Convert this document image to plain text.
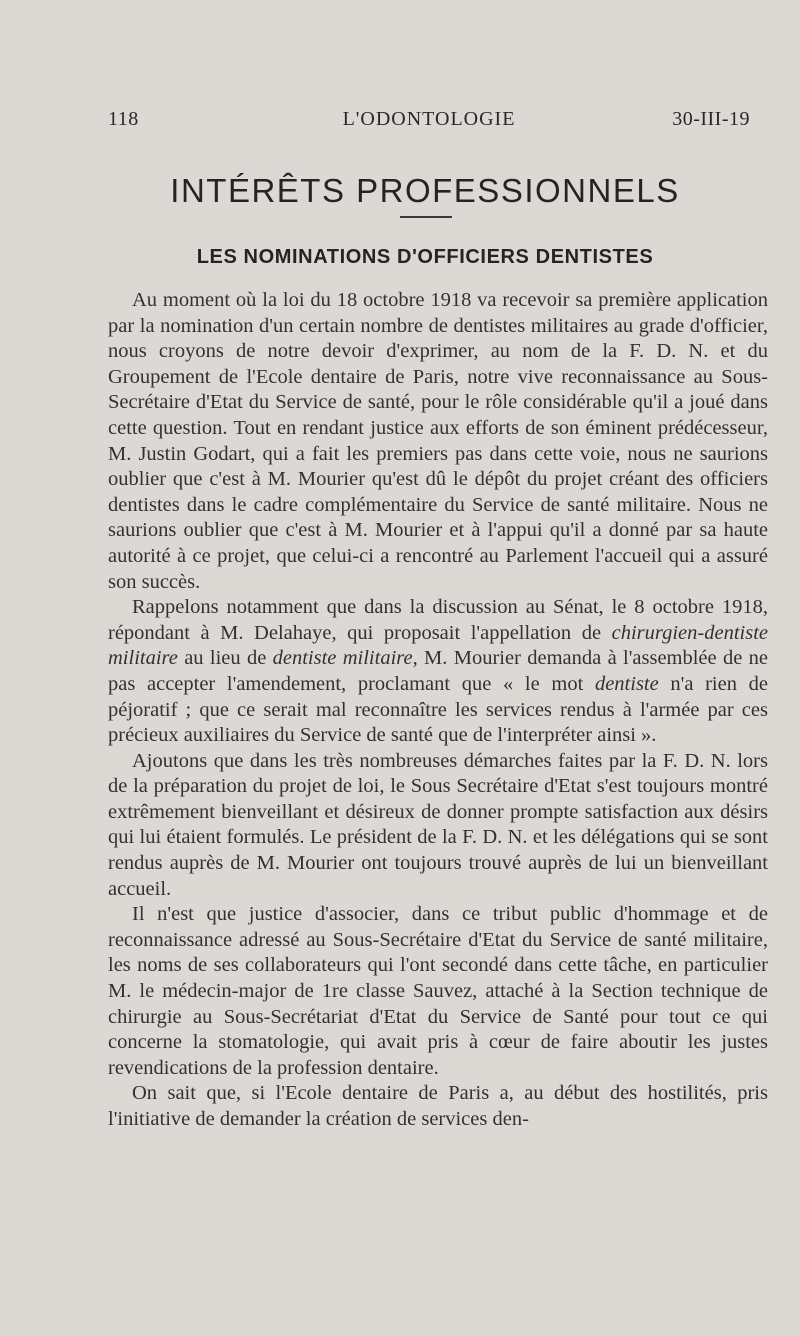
118	L'ODONTOLOGIE	30-III-19
INTÉRÊTS PROFESSIONNELS
LES NOMINATIONS D'OFFICIERS DENTISTES

Au moment où la loi du 18 octobre 1918 va recevoir sa première application par la nomination d'un certain nombre de dentistes militaires au grade d'officier, nous croyons de notre devoir d'exprimer, au nom de la F. D. N. et du Groupement de l'Ecole dentaire de Paris, notre vive reconnaissance au Sous-Secrétaire d'Etat du Service de santé, pour le rôle considérable qu'il a joué dans cette question. Tout en rendant justice aux efforts de son éminent prédécesseur, M. Justin Godart, qui a fait les premiers pas dans cette voie, nous ne saurions oublier que c'est à M. Mourier qu'est dû le dépôt du projet créant des officiers dentistes dans le cadre complémentaire du Service de santé militaire. Nous ne saurions oublier que c'est à M. Mourier et à l'appui qu'il a donné par sa haute autorité à ce projet, que celui-ci a rencontré au Parlement l'accueil qui a assuré son succès.

Rappelons notamment que dans la discussion au Sénat, le 8 octobre 1918, répondant à M. Delahaye, qui proposait l'appellation de chirurgien-dentiste militaire au lieu de dentiste militaire, M. Mourier demanda à l'assemblée de ne pas accepter l'amendement, proclamant que « le mot dentiste n'a rien de péjoratif ; que ce serait mal reconnaître les services rendus à l'armée par ces précieux auxiliaires du Service de santé que de l'interpréter ainsi ».

Ajoutons que dans les très nombreuses démarches faites par la F. D. N. lors de la préparation du projet de loi, le Sous Secrétaire d'Etat s'est toujours montré extrêmement bienveillant et désireux de donner prompte satisfaction aux désirs qui lui étaient formulés. Le président de la F. D. N. et les délégations qui se sont rendus auprès de M. Mourier ont toujours trouvé auprès de lui un bienveillant accueil.

Il n'est que justice d'associer, dans ce tribut public d'hommage et de reconnaissance adressé au Sous-Secrétaire d'Etat du Service de santé militaire, les noms de ses collaborateurs qui l'ont secondé dans cette tâche, en particulier M. le médecin-major de 1re classe Sauvez, attaché à la Section technique de chirurgie au Sous-Secrétariat d'Etat du Service de Santé pour tout ce qui concerne la stomatologie, qui avait pris à cœur de faire aboutir les justes revendications de la profession dentaire.

On sait que, si l'Ecole dentaire de Paris a, au début des hostilités, pris l'initiative de demander la création de services den-
